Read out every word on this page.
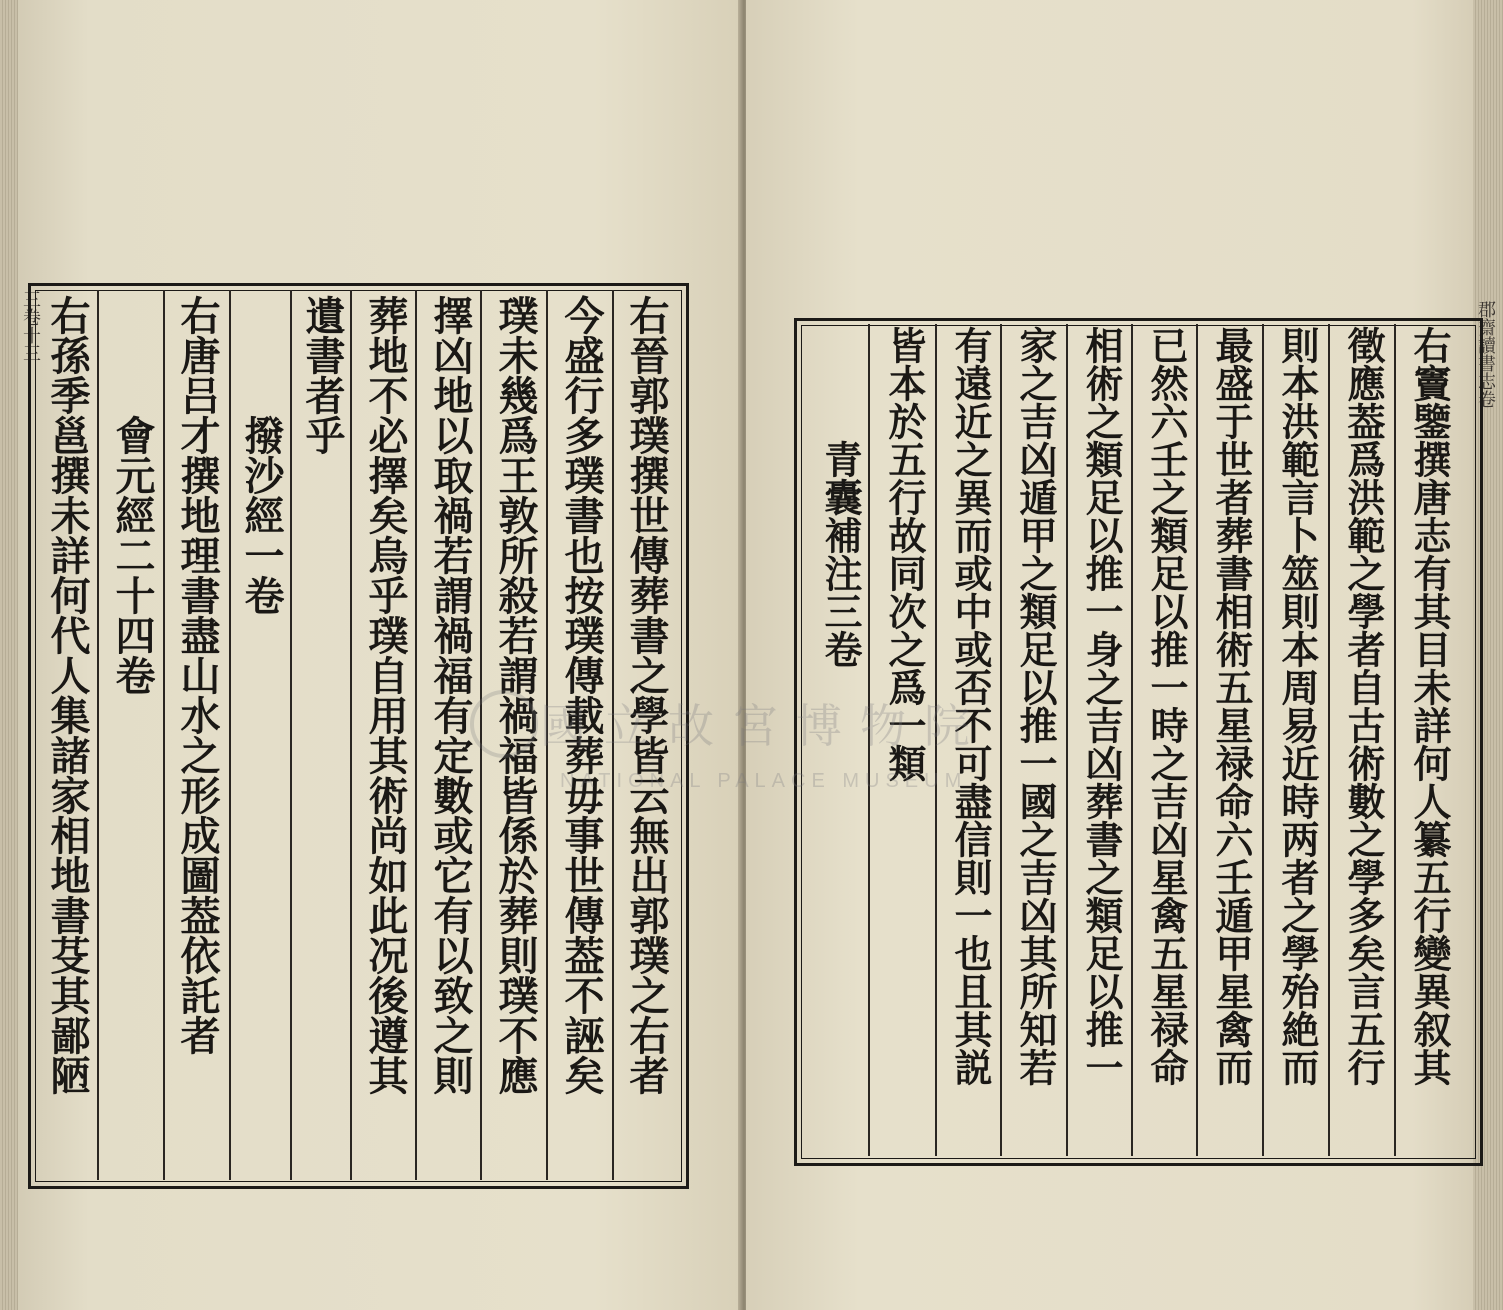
三卷十三	右晉郭璞撰世傳葬書之學皆云無出郭璞之右者
今盛行多璞書也按璞傳載葬毋事世傳葢不誣矣
璞未幾爲王敦所殺若謂禍福皆係於葬則璞不應
擇凶地以取禍若謂禍福有定數或它有以致之則
葬地不必擇矣烏乎璞自用其術尚如此况後遵其
遺書者乎
撥沙經一卷
右唐吕才撰地理書盡山水之形成圖葢依託者
會元經二十四卷
右孫季邕撰未詳何代人集諸家相地書芟其鄙陋	郡齋讀書志卷
右竇鑒撰唐志有其目未詳何人纂五行變異叙其
徵應葢爲洪範之學者自古術數之學多矣言五行
則本洪範言卜筮則本周易近時两者之學殆絶而
最盛于世者葬書相術五星禄命六壬遁甲星禽而
已然六壬之類足以推一時之吉凶星禽五星禄命
相術之類足以推一身之吉凶葬書之類足以推一
家之吉凶遁甲之類足以推一國之吉凶其所知若
有遠近之異而或中或否不可盡信則一也且其説
皆本於五行故同次之爲一類
青囊補注三卷
國立故宮博物院
NATIONAL PALACE MUSEUM
